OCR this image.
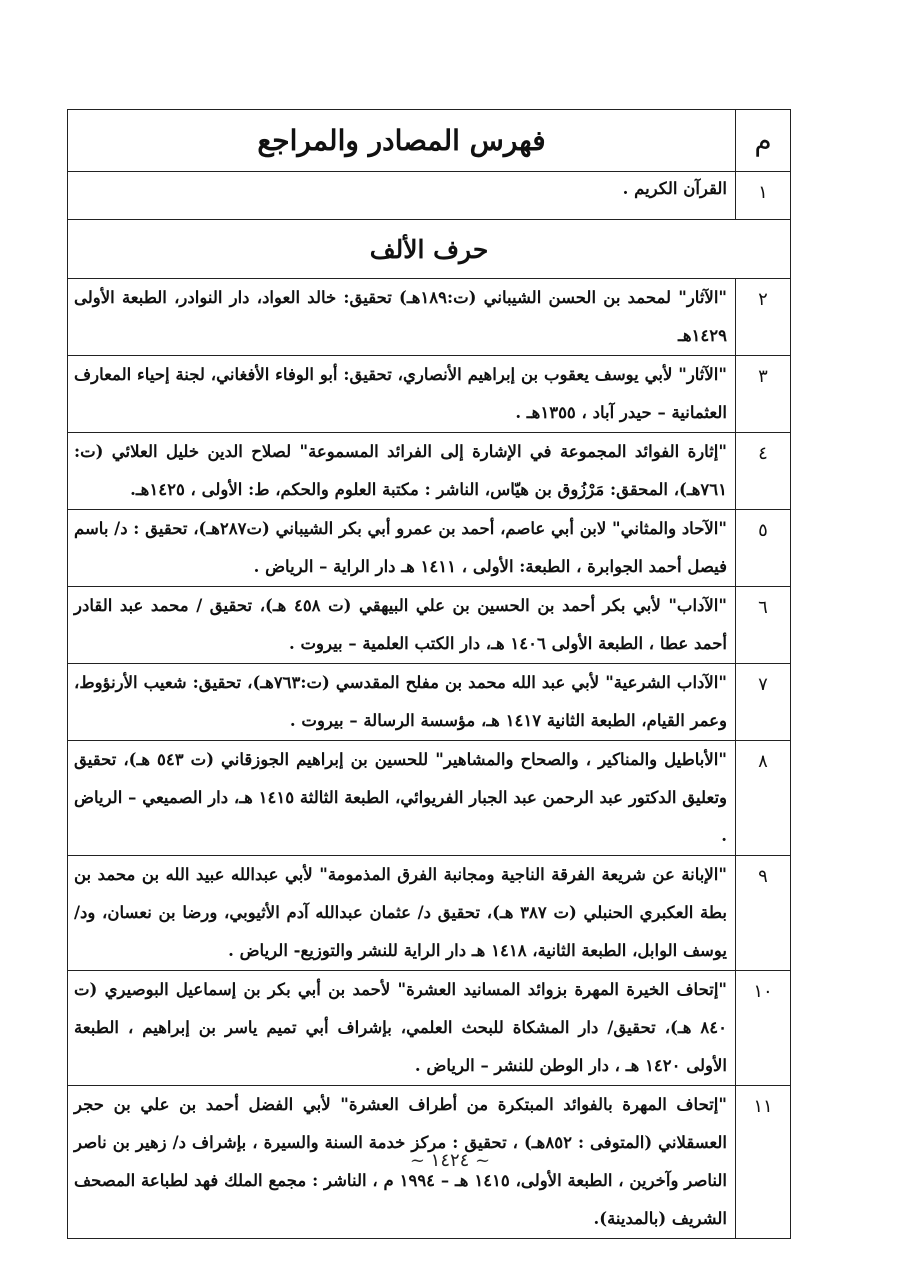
م	فهرس المصادر والمراجع
١	القرآن الكريم .
حرف الألف	
٢	"الآثار" لمحمد بن الحسن الشيباني (ت:١٨٩هـ) تحقيق: خالد العواد، دار النوادر، الطبعة الأولى ١٤٢٩هـ
٣	"الآثار" لأبي يوسف يعقوب بن إبراهيم الأنصاري، تحقيق: أبو الوفاء الأفغاني، لجنة إحياء المعارف العثمانية – حيدر آباد ، ١٣٥٥هـ .
٤	"إثارة الفوائد المجموعة في الإشارة إلى الفرائد المسموعة" لصلاح الدين خليل العلائي (ت: ٧٦١هـ)، المحقق: مَرْزُوق بن هيّاس، الناشر : مكتبة العلوم والحكم، ط: الأولى ، ١٤٢٥هـ.
٥	"الآحاد والمثاني" لابن أبي عاصم، أحمد بن عمرو أبي بكر الشيباني (ت٢٨٧هـ)، تحقيق : د/ باسم فيصل أحمد الجوابرة ، الطبعة: الأولى ، ١٤١١ هـ دار الراية – الرياض .
٦	"الآداب" لأبي بكر أحمد بن الحسين بن علي البيهقي (ت ٤٥٨ هـ)، تحقيق / محمد عبد القادر أحمد عطا ، الطبعة الأولى ١٤٠٦ هـ، دار الكتب العلمية – بيروت .
٧	"الآداب الشرعية" لأبي عبد الله محمد بن مفلح المقدسي (ت:٧٦٣هـ)، تحقيق: شعيب الأرنؤوط، وعمر القيام، الطبعة الثانية ١٤١٧ هـ، مؤسسة الرسالة – بيروت .
٨	"الأباطيل والمناكير ، والصحاح والمشاهير" للحسين بن إبراهيم الجوزقاني (ت ٥٤٣ هـ)، تحقيق وتعليق الدكتور عبد الرحمن عبد الجبار الفريوائي، الطبعة الثالثة ١٤١٥ هـ، دار الصميعي – الرياض .
٩	"الإبانة عن شريعة الفرقة الناجية ومجانبة الفرق المذمومة" لأبي عبدالله عبيد الله بن محمد بن بطة العكبري الحنبلي (ت ٣٨٧ هـ)، تحقيق د/ عثمان عبدالله آدم الأثيوبي، ورضا بن نعسان، ود/ يوسف الوابل، الطبعة الثانية، ١٤١٨ هـ دار الراية للنشر والتوزيع- الرياض .
١٠	"إتحاف الخيرة المهرة بزوائد المسانيد العشرة" لأحمد بن أبي بكر بن إسماعيل البوصيري (ت ٨٤٠ هـ)، تحقيق/ دار المشكاة للبحث العلمي، بإشراف أبي تميم ياسر بن إبراهيم ، الطبعة الأولى ١٤٢٠ هـ ، دار الوطن للنشر – الرياض .
١١	"إتحاف المهرة بالفوائد المبتكرة من أطراف العشرة" لأبي الفضل أحمد بن علي بن حجر العسقلاني (المتوفى : ٨٥٢هـ) ، تحقيق : مركز خدمة السنة والسيرة ، بإشراف د/ زهير بن ناصر الناصر وآخرين ، الطبعة الأولى، ١٤١٥ هـ – ١٩٩٤ م ، الناشر : مجمع الملك فهد لطباعة المصحف الشريف (بالمدينة).
~ ١٤٢٤ ~
